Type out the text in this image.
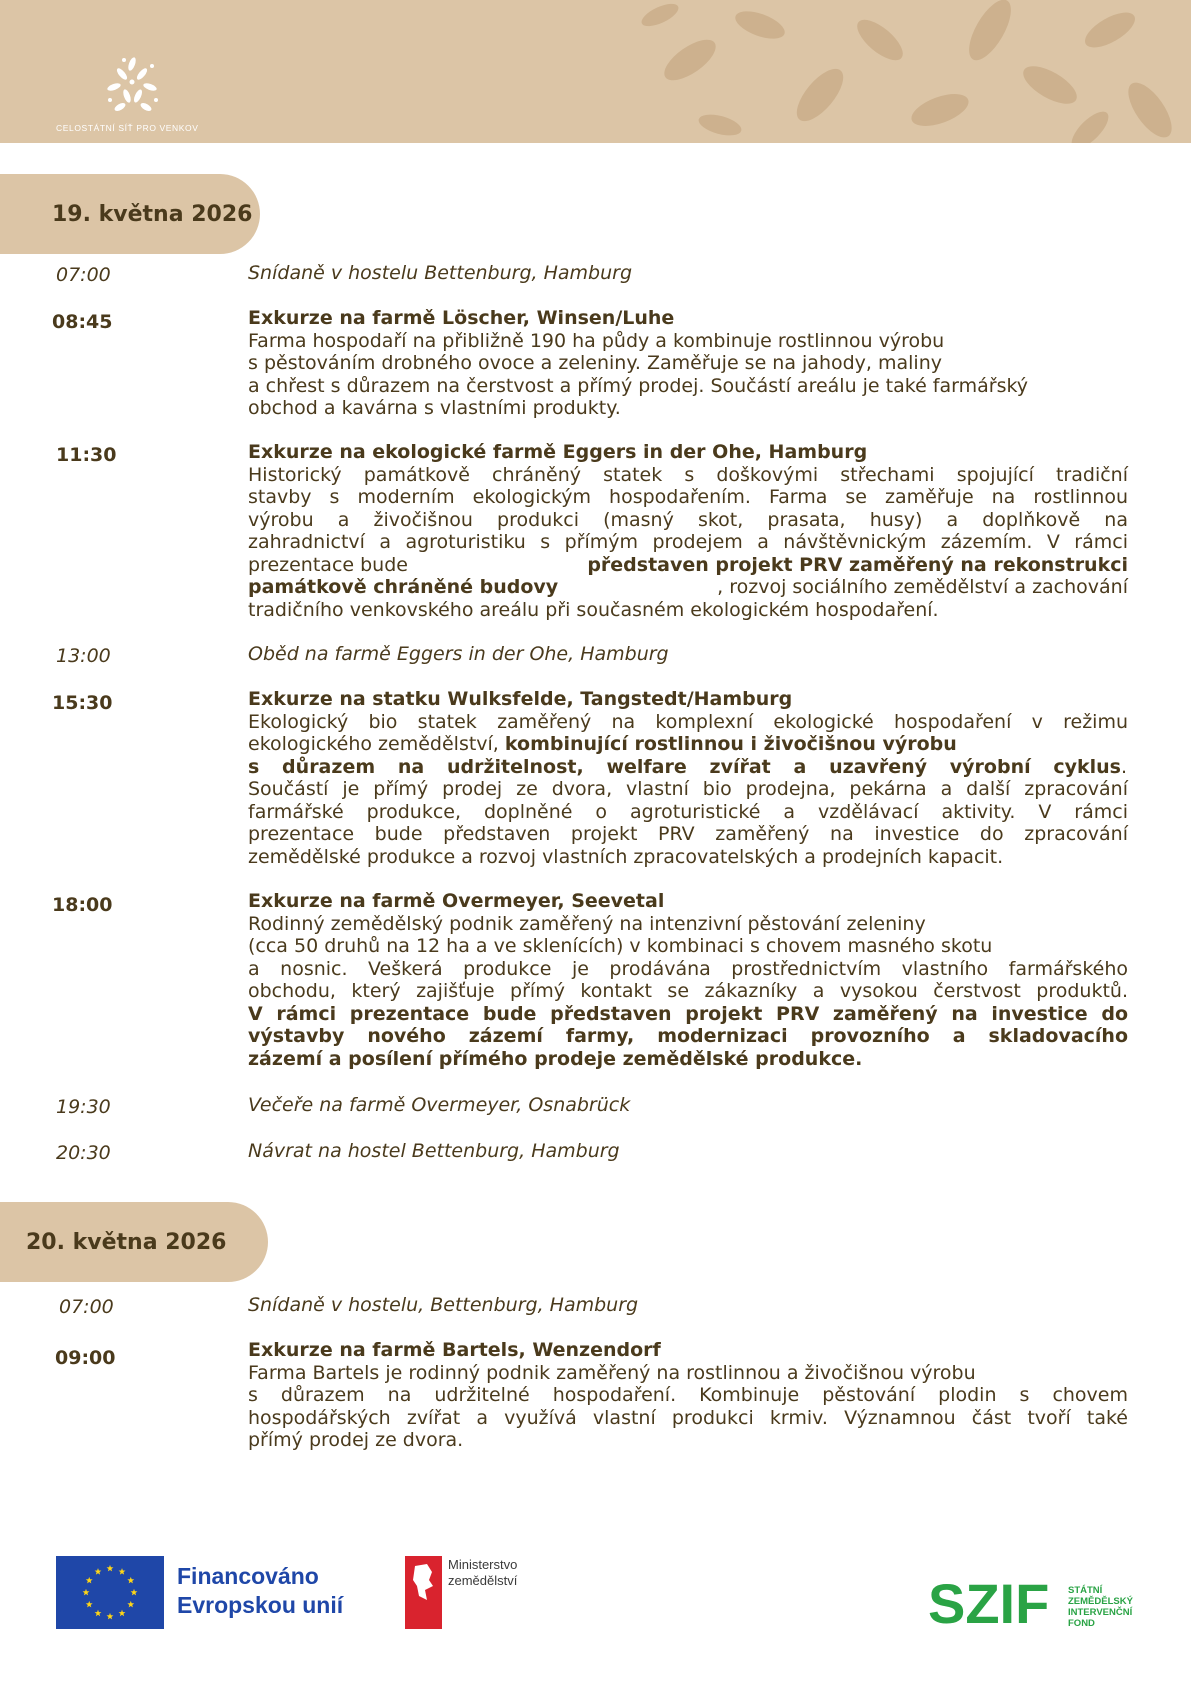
CELOSTÁTNÍ SÍŤ PRO VENKOV
19. května 2026
07:00	Snídaně v hostelu Bettenburg, Hamburg
08:45	Exkurze na farmě Löscher, Winsen/Luhe
Farma hospodaří na přibližně 190 ha půdy a kombinuje rostlinnou výrobu
s pěstováním drobného ovoce a zeleniny. Zaměřuje se na jahody, maliny
a chřest s důrazem na čerstvost a přímý prodej. Součástí areálu je také farmářský
obchod a kavárna s vlastními produkty.
11:30	Exkurze na ekologické farmě Eggers in der Ohe, Hamburg
Historický památkově chráněný statek s doškovými střechami spojující tradiční
stavby s moderním ekologickým hospodařením. Farma se zaměřuje na rostlinnou
výrobu a živočišnou produkci (masný skot, prasata, husy) a doplňkově na
zahradnictví a agroturistiku s přímým prodejem a návštěvnickým zázemím. V rámci
prezentace bude	představen projekt PRV zaměřený na rekonstrukci
památkově chráněné budovy	, rozvoj sociálního zemědělství a zachování
tradičního venkovského areálu při současném ekologickém hospodaření.
13:00	Oběd na farmě Eggers in der Ohe, Hamburg
15:30	Exkurze na statku Wulksfelde, Tangstedt/Hamburg
Ekologický bio statek zaměřený na komplexní ekologické hospodaření v režimu
ekologického zemědělství, kombinující rostlinnou i živočišnou výrobu
s důrazem na udržitelnost, welfare zvířat a uzavřený výrobní cyklus.
Součástí je přímý prodej ze dvora, vlastní bio prodejna, pekárna a další zpracování
farmářské produkce, doplněné o agroturistické a vzdělávací aktivity. V rámci
prezentace bude představen projekt PRV zaměřený na investice do zpracování
zemědělské produkce a rozvoj vlastních zpracovatelských a prodejních kapacit.
18:00	Exkurze na farmě Overmeyer, Seevetal
Rodinný zemědělský podnik zaměřený na intenzivní pěstování zeleniny
(cca 50 druhů na 12 ha a ve sklenících) v kombinaci s chovem masného skotu
a nosnic. Veškerá produkce je prodávána prostřednictvím vlastního farmářského
obchodu, který zajišťuje přímý kontakt se zákazníky a vysokou čerstvost produktů.
V rámci prezentace bude představen projekt PRV zaměřený na investice do
výstavby nového zázemí farmy, modernizaci provozního a skladovacího
zázemí a posílení přímého prodeje zemědělské produkce.
19:30	Večeře na farmě Overmeyer, Osnabrück
20:30	Návrat na hostel Bettenburg, Hamburg
20. května 2026
07:00	Snídaně v hostelu, Bettenburg, Hamburg
09:00	Exkurze na farmě Bartels, Wenzendorf
Farma Bartels je rodinný podnik zaměřený na rostlinnou a živočišnou výrobu
s důrazem na udržitelné hospodaření. Kombinuje pěstování plodin s chovem
hospodářských zvířat a využívá vlastní produkci krmiv. Významnou část tvoří také
přímý prodej ze dvora.
Financováno
Evropskou unií
Ministerstvo
zemědělství	SZIF STÁTNÍ
ZEMĚDĚLSKÝ
INTERVENČNÍ
FOND
